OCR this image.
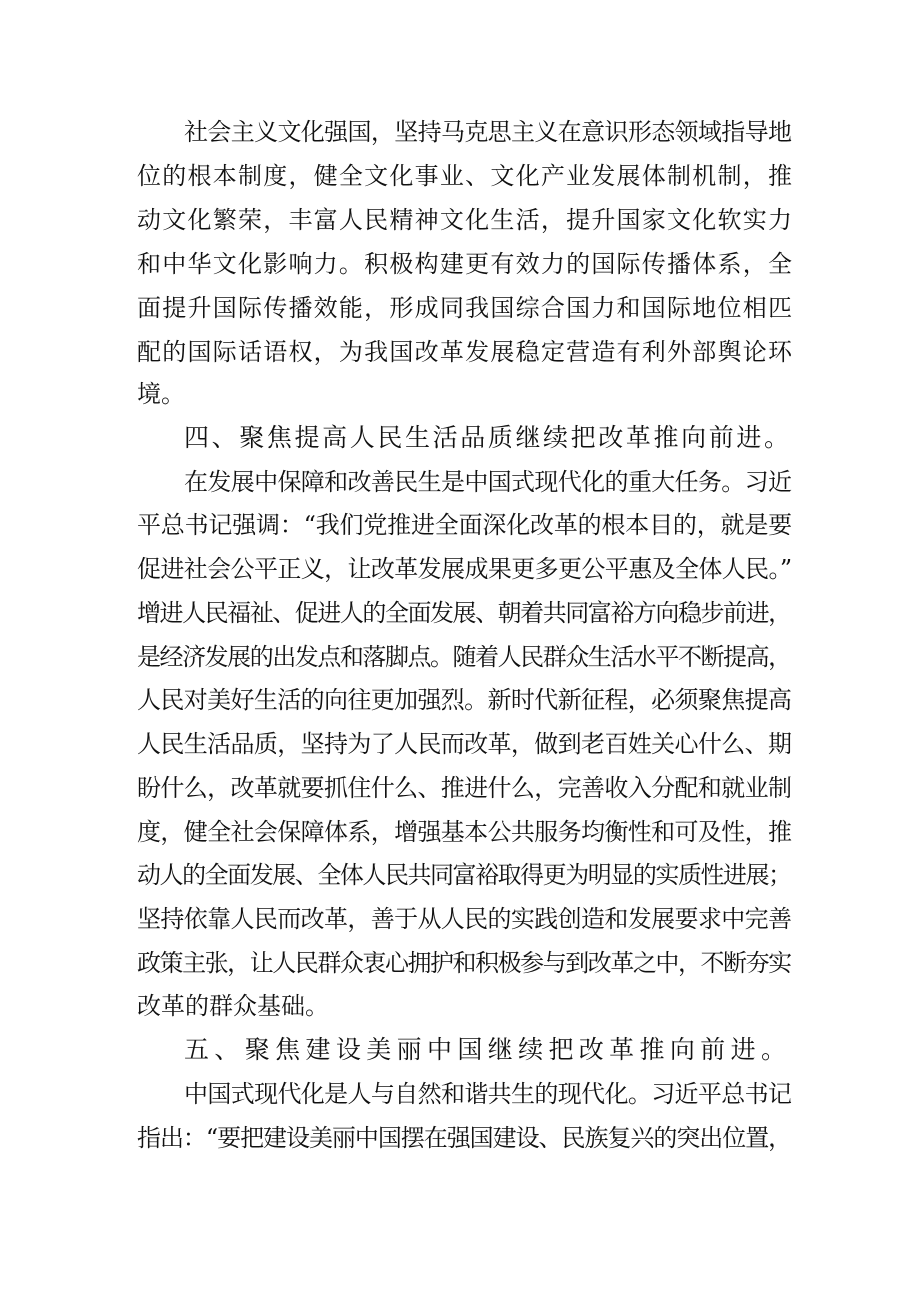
社会主义文化强国，坚持马克思主义在意识形态领域指导地
位的根本制度，健全文化事业、文化产业发展体制机制，推
动文化繁荣，丰富人民精神文化生活，提升国家文化软实力
和中华文化影响力。积极构建更有效力的国际传播体系，全
面提升国际传播效能，形成同我国综合国力和国际地位相匹
配的国际话语权，为我国改革发展稳定营造有利外部舆论环
境。
四、聚焦提高人民生活品质继续把改革推向前进。
在发展中保障和改善民生是中国式现代化的重大任务。习近
平总书记强调：“我们党推进全面深化改革的根本目的，就是要
促进社会公平正义，让改革发展成果更多更公平惠及全体人民。”
增进人民福祉、促进人的全面发展、朝着共同富裕方向稳步前进，
是经济发展的出发点和落脚点。随着人民群众生活水平不断提高，
人民对美好生活的向往更加强烈。新时代新征程，必须聚焦提高
人民生活品质，坚持为了人民而改革，做到老百姓关心什么、期
盼什么，改革就要抓住什么、推进什么，完善收入分配和就业制
度，健全社会保障体系，增强基本公共服务均衡性和可及性，推
动人的全面发展、全体人民共同富裕取得更为明显的实质性进展；
坚持依靠人民而改革，善于从人民的实践创造和发展要求中完善
政策主张，让人民群众衷心拥护和积极参与到改革之中，不断夯实
改革的群众基础。
五、聚焦建设美丽中国继续把改革推向前进。
中国式现代化是人与自然和谐共生的现代化。习近平总书记
指出：“要把建设美丽中国摆在强国建设、民族复兴的突出位置，
